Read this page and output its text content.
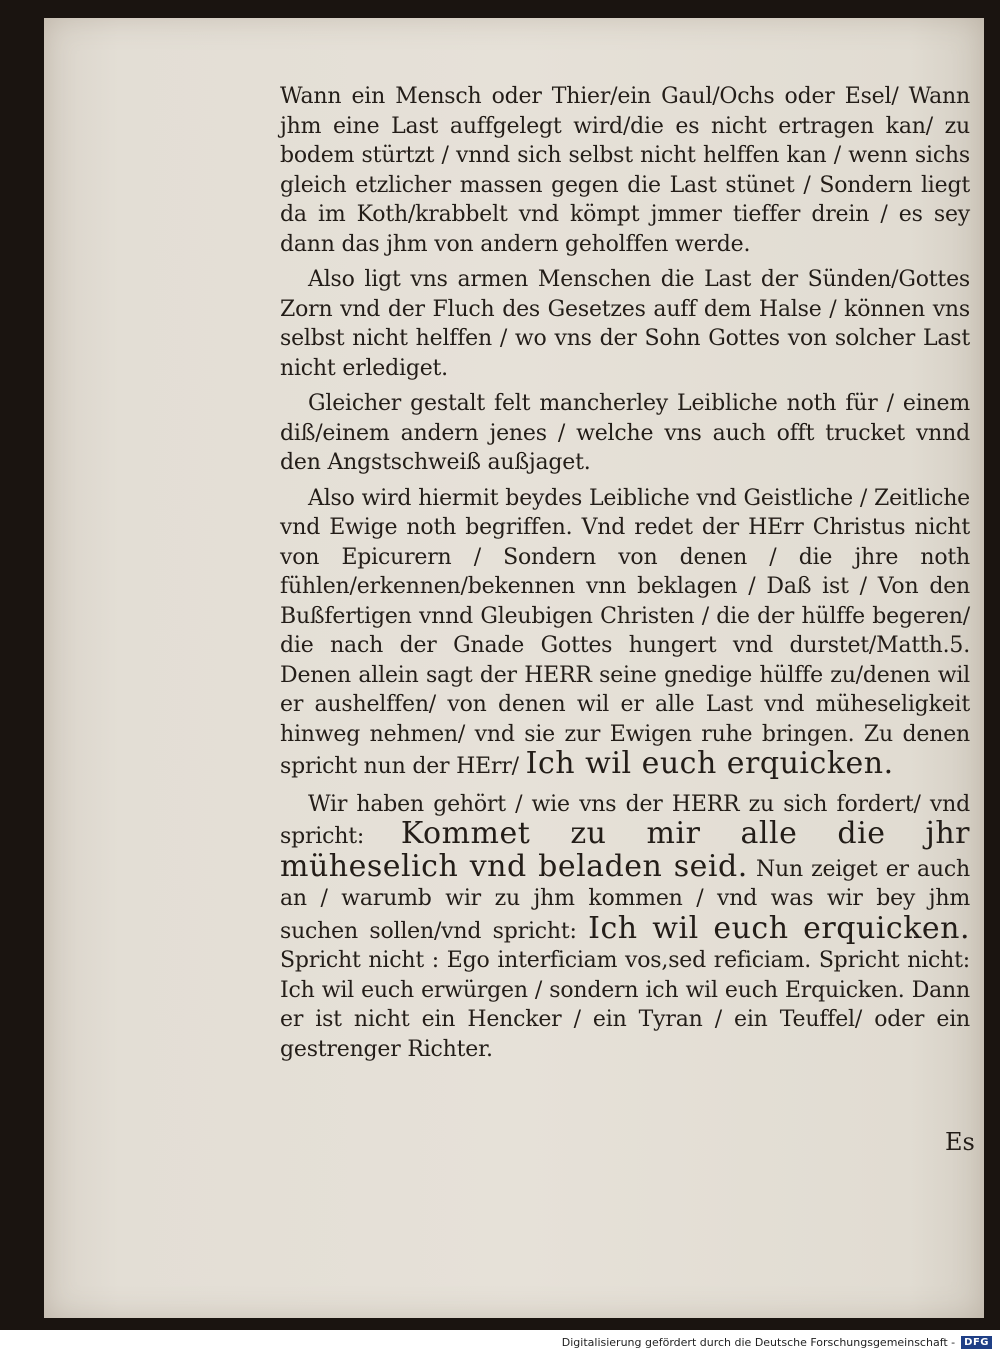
Wann ein Mensch oder Thier/ein Gaul/Ochs oder Esel/ Wann jhm eine Last auffgelegt wird/die es nicht ertragen kan/ zu bodem stürtzt / vnnd sich selbst nicht helffen kan / wenn sichs gleich etzlicher massen gegen die Last stünet / Sondern liegt da im Koth/krabbelt vnd kömpt jmmer tieffer drein / es sey dann das jhm von andern geholffen werde.

Also ligt vns armen Menschen die Last der Sünden/Gottes Zorn vnd der Fluch des Gesetzes auff dem Halse / können vns selbst nicht helffen / wo vns der Sohn Gottes von solcher Last nicht erlediget.

Gleicher gestalt felt mancherley Leibliche noth für / einem diß/einem andern jenes / welche vns auch offt trucket vnnd den Angstschweiß außjaget.

Also wird hiermit beydes Leibliche vnd Geistliche / Zeitliche vnd Ewige noth begriffen. Vnd redet der HErr Christus nicht von Epicurern / Sondern von denen / die jhre noth fühlen/erkennen/bekennen vnn beklagen / Daß ist / Von den Bußfertigen vnnd Gleubigen Christen / die der hülffe begeren/ die nach der Gnade Gottes hungert vnd durstet/Matth.5. Denen allein sagt der HERR seine gnedige hülffe zu/denen wil er aushelffen/ von denen wil er alle Last vnd müheseligkeit hinweg nehmen/ vnd sie zur Ewigen ruhe bringen. Zu denen spricht nun der HErr/ Ich wil euch erquicken.

Wir haben gehört / wie vns der HERR zu sich fordert/ vnd spricht: Kommet zu mir alle die jhr müheselich vnd beladen seid. Nun zeiget er auch an / warumb wir zu jhm kommen / vnd was wir bey jhm suchen sollen/vnd spricht: Ich wil euch erquicken. Spricht nicht : Ego interficiam vos,sed reficiam. Spricht nicht: Ich wil euch erwürgen / sondern ich wil euch Erquicken. Dann er ist nicht ein Hencker / ein Tyran / ein Teuffel/ oder ein gestrenger Richter.

Es
Digitalisierung gefördert durch die Deutsche Forschungsgemeinschaft - DFG
